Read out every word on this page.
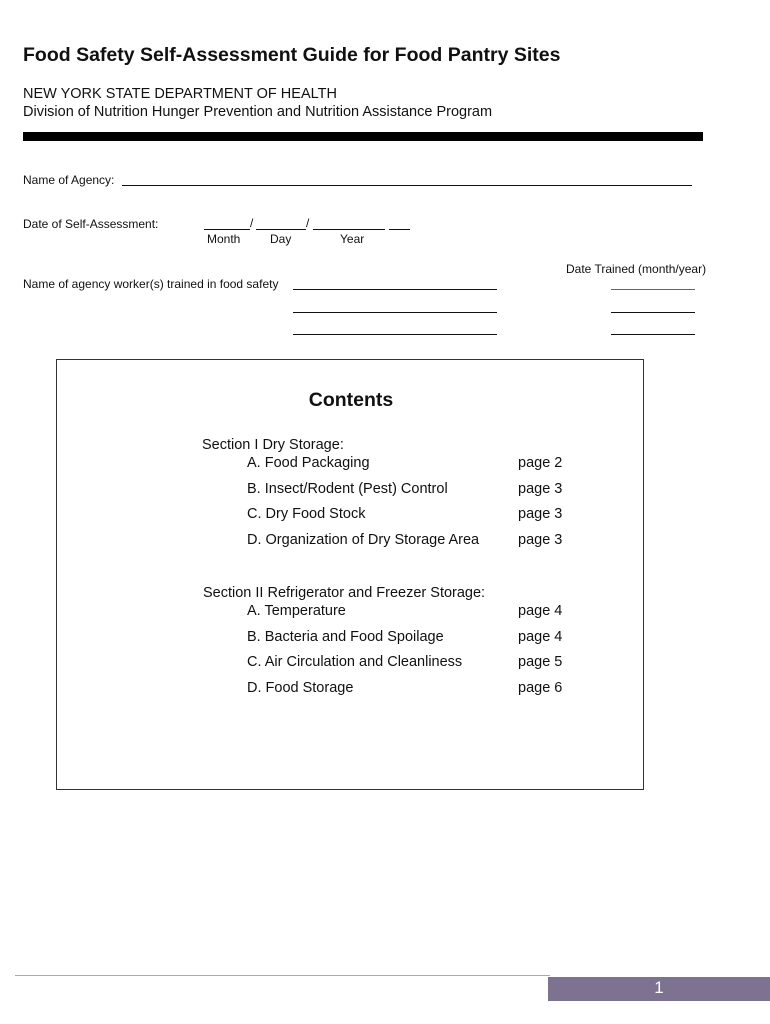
Food Safety Self-Assessment Guide for Food Pantry Sites
NEW YORK STATE DEPARTMENT OF HEALTH
Division of Nutrition Hunger Prevention and Nutrition Assistance Program
Name of Agency:
Date of Self-Assessment:	/	/
Month Day	Year
Date Trained (month/year)
Name of agency worker(s) trained in food safety
Contents
Section I Dry Storage:
A. Food Packaging	page 2
B. Insect/Rodent (Pest) Control	page 3
C. Dry Food Stock	page 3
D. Organization of Dry Storage Area	page 3
Section II Refrigerator and Freezer Storage:
A. Temperature	page 4
B. Bacteria and Food Spoilage	page 4
C. Air Circulation and Cleanliness	page 5
D. Food Storage	page 6
1
